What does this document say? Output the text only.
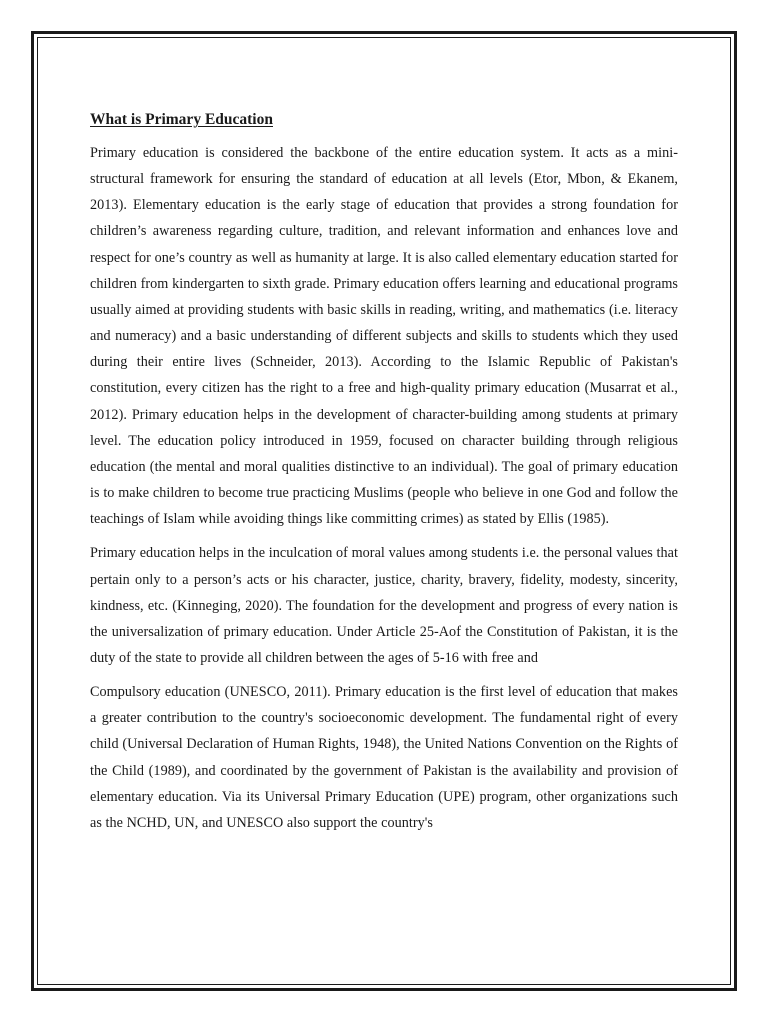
What is Primary Education

Primary education is considered the backbone of the entire education system. It acts as a mini-structural framework for ensuring the standard of education at all levels (Etor, Mbon, & Ekanem, 2013). Elementary education is the early stage of education that provides a strong foundation for children’s awareness regarding culture, tradition, and relevant information and enhances love and respect for one’s country as well as humanity at large. It is also called elementary education started for children from kindergarten to sixth grade. Primary education offers learning and educational programs usually aimed at providing students with basic skills in reading, writing, and mathematics (i.e. literacy and numeracy) and a basic understanding of different subjects and skills to students which they used during their entire lives (Schneider, 2013). According to the Islamic Republic of Pakistan's constitution, every citizen has the right to a free and high-quality primary education (Musarrat et al., 2012). Primary education helps in the development of character-building among students at primary level. The education policy introduced in 1959, focused on character building through religious education (the mental and moral qualities distinctive to an individual). The goal of primary education is to make children to become true practicing Muslims (people who believe in one God and follow the teachings of Islam while avoiding things like committing crimes) as stated by Ellis (1985).

Primary education helps in the inculcation of moral values among students i.e. the personal values that pertain only to a person’s acts or his character, justice, charity, bravery, fidelity, modesty, sincerity, kindness, etc. (Kinneging, 2020). The foundation for the development and progress of every nation is the universalization of primary education. Under Article 25-Aof the Constitution of Pakistan, it is the duty of the state to provide all children between the ages of 5-16 with free and

Compulsory education (UNESCO, 2011). Primary education is the first level of education that makes a greater contribution to the country's socioeconomic development. The fundamental right of every child (Universal Declaration of Human Rights, 1948), the United Nations Convention on the Rights of the Child (1989), and coordinated by the government of Pakistan is the availability and provision of elementary education. Via its Universal Primary Education (UPE) program, other organizations such as the NCHD, UN, and UNESCO also support the country's
